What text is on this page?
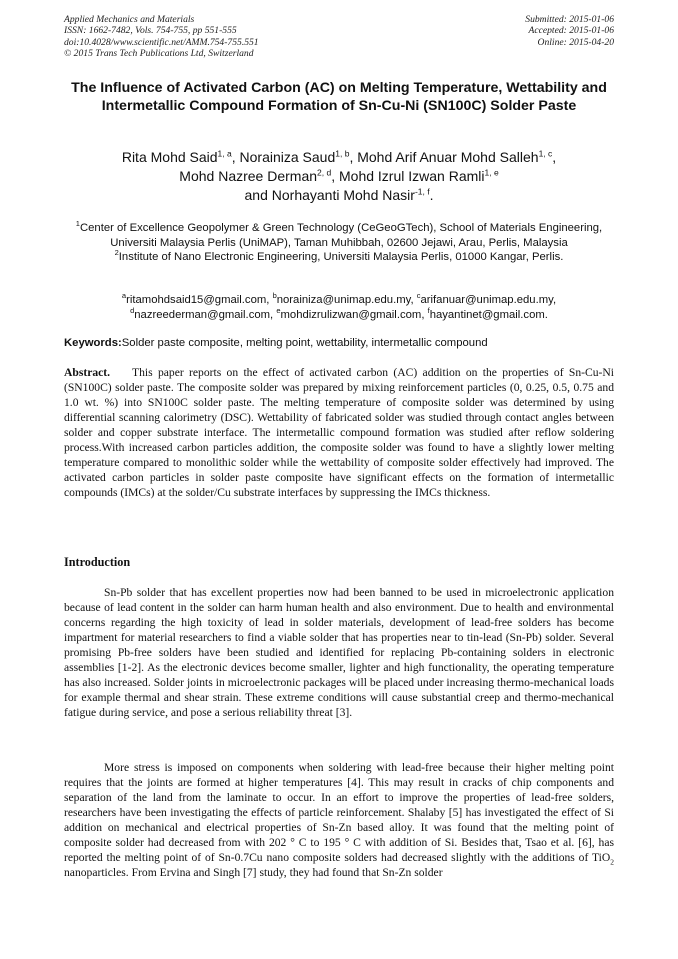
Applied Mechanics and Materials
ISSN: 1662-7482, Vols. 754-755, pp 551-555
doi:10.4028/www.scientific.net/AMM.754-755.551
© 2015 Trans Tech Publications Ltd, Switzerland
Submitted: 2015-01-06
Accepted: 2015-01-06
Online: 2015-04-20
The Influence of Activated Carbon (AC) on Melting Temperature, Wettability and Intermetallic Compound Formation of Sn-Cu-Ni (SN100C) Solder Paste
Rita Mohd Said$^{1, a}$, Norainiza Saud$^{1, b}$, Mohd Arif Anuar Mohd Salleh$^{1, c}$,
Mohd Nazree Derman$^{2, d}$, Mohd Izrul Izwan Ramli$^{1, e}$
and Norhayanti Mohd Nasir$^{-1, f}$.
$^1$Center of Excellence Geopolymer & Green Technology (CeGeoGTech), School of Materials Engineering, Universiti Malaysia Perlis (UniMAP), Taman Muhibbah, 02600 Jejawi, Arau, Perlis, Malaysia
$^2$Institute of Nano Electronic Engineering, Universiti Malaysia Perlis, 01000 Kangar, Perlis.
$^a$ritamohdsaid15@gmail.com, $^b$norainiza@unimap.edu.my, $^c$arifanuar@unimap.edu.my,
$^d$nazreederman@gmail.com, $^e$mohdizrulizwan@gmail.com, $^f$hayantinet@gmail.com.
Keywords:Solder paste composite, melting point, wettability, intermetallic compound
Abstract. This paper reports on the effect of activated carbon (AC) addition on the properties of Sn-Cu-Ni (SN100C) solder paste. The composite solder was prepared by mixing reinforcement particles (0, 0.25, 0.5, 0.75 and 1.0 wt. %) into SN100C solder paste. The melting temperature of composite solder was determined by using differential scanning calorimetry (DSC). Wettability of fabricated solder was studied through contact angles between solder and copper substrate interface. The intermetallic compound formation was studied after reflow soldering process.With increased carbon particles addition, the composite solder was found to have a slightly lower melting temperature compared to monolithic solder while the wettability of composite solder effectively had improved. The activated carbon particles in solder paste composite have significant effects on the formation of intermetallic compounds (IMCs) at the solder/Cu substrate interfaces by suppressing the IMCs thickness.
Introduction

Sn-Pb solder that has excellent properties now had been banned to be used in microelectronic application because of lead content in the solder can harm human health and also environment. Due to health and environmental concerns regarding the high toxicity of lead in solder materials, development of lead-free solders has become impartment for material researchers to find a viable solder that has properties near to tin-lead (Sn-Pb) solder. Several promising Pb-free solders have been studied and identified for replacing Pb-containing solders in electronic assemblies [1-2]. As the electronic devices become smaller, lighter and high functionality, the operating temperature has also increased. Solder joints in microelectronic packages will be placed under increasing thermo-mechanical loads for example thermal and shear strain. These extreme conditions will cause substantial creep and thermo-mechanical fatigue during service, and pose a serious reliability threat [3].

More stress is imposed on components when soldering with lead-free because their higher melting point requires that the joints are formed at higher temperatures [4]. This may result in cracks of chip components and separation of the land from the laminate to occur. In an effort to improve the properties of lead-free solders, researchers have been investigating the effects of particle reinforcement. Shalaby [5] has investigated the effect of Si addition on mechanical and electrical properties of Sn-Zn based alloy. It was found that the melting point of composite solder had decreased from with 202 ° C to 195 ° C with addition of Si. Besides that, Tsao et al. [6], has reported the melting point of of Sn-0.7Cu nano composite solders had decreased slightly with the additions of TiO$_2$ nanoparticles. From Ervina and Singh [7] study, they had found that Sn-Zn solder
